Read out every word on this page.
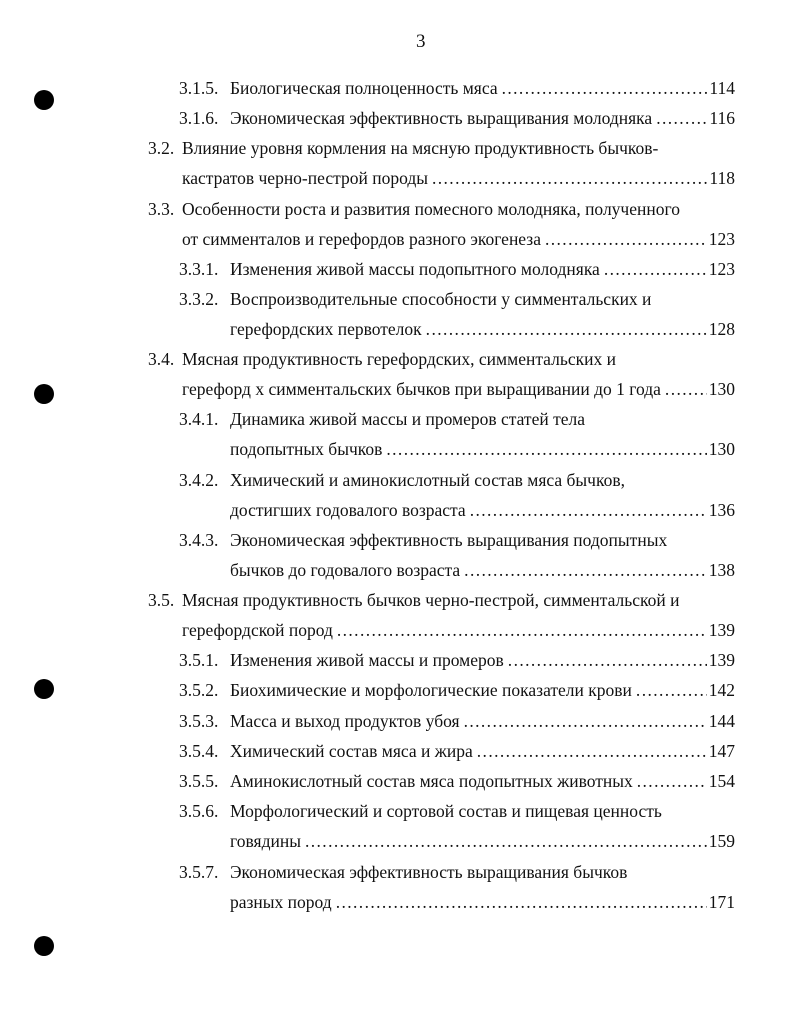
3
3.1.5. Биологическая полноценность мяса .....	114
3.1.6. Экономическая эффективность выращивания молодняка .....	116
3.2. Влияние уровня кормления на мясную продуктивность бычков-
кастратов черно-пестрой породы .....	118
3.3. Особенности роста и развития помесного молодняка, полученного
от симменталов и герефордов разного экогенеза .....	123
3.3.1. Изменения живой массы подопытного молодняка .....	123
3.3.2. Воспроизводительные способности у симментальских и
герефордских первотелок .....	128
3.4. Мясная продуктивность герефордских, симментальских и
герефорд х симментальских бычков при выращивании до 1 года .....	130
3.4.1. Динамика живой массы и промеров статей тела
подопытных бычков .....	130
3.4.2. Химический и аминокислотный состав мяса бычков,
достигших годовалого возраста .....	136
3.4.3. Экономическая эффективность выращивания подопытных
бычков до годовалого возраста .....	138
3.5. Мясная продуктивность бычков черно-пестрой, симментальской и
герефордской пород .....	139
3.5.1. Изменения живой массы и промеров .....	139
3.5.2. Биохимические и морфологические показатели крови .....	142
3.5.3. Масса и выход продуктов убоя .....	144
3.5.4. Химический состав мяса и жира .....	147
3.5.5. Аминокислотный состав мяса подопытных животных .....	154
3.5.6. Морфологический и сортовой состав и пищевая ценность
говядины .....	159
3.5.7. Экономическая эффективность выращивания бычков
разных пород .....	171
